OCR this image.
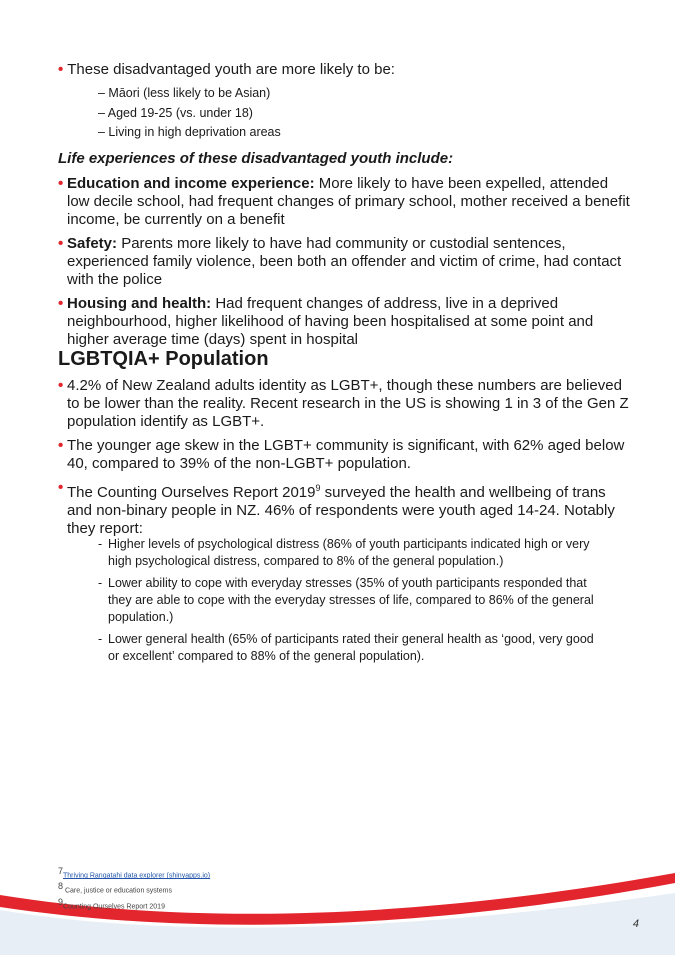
• These disadvantaged youth are more likely to be:
– Māori (less likely to be Asian)
– Aged 19-25 (vs. under 18)
– Living in high deprivation areas
Life experiences of these disadvantaged youth include:
• Education and income experience: More likely to have been expelled, attended low decile school, had frequent changes of primary school, mother received a benefit income, be currently on a benefit
• Safety: Parents more likely to have had community or custodial sentences, experienced family violence, been both an offender and victim of crime, had contact with the police
• Housing and health: Had frequent changes of address, live in a deprived neighbourhood, higher likelihood of having been hospitalised at some point and higher average time (days) spent in hospital
LGBTQIA+ Population
• 4.2% of New Zealand adults identity as LGBT+, though these numbers are believed to be lower than the reality. Recent research in the US is showing 1 in 3 of the Gen Z population identify as LGBT+.
• The younger age skew in the LGBT+ community is significant, with 62% aged below 40, compared to 39% of the non-LGBT+ population.
• The Counting Ourselves Report 2019$^9$ surveyed the health and wellbeing of trans and non-binary people in NZ. 46% of respondents were youth aged 14-24. Notably they report:
- Higher levels of psychological distress (86% of youth participants indicated high or very high psychological distress, compared to 8% of the general population.)
- Lower ability to cope with everyday stresses (35% of youth participants responded that they are able to cope with the everyday stresses of life, compared to 86% of the general population.)
- Lower general health (65% of participants rated their general health as ‘good, very good or excellent’ compared to 88% of the general population).
$^7$Thriving Rangatahi data explorer (shinyapps.io)
$^8$ Care, justice or education systems
$^9$Counting Ourselves Report 2019
4
